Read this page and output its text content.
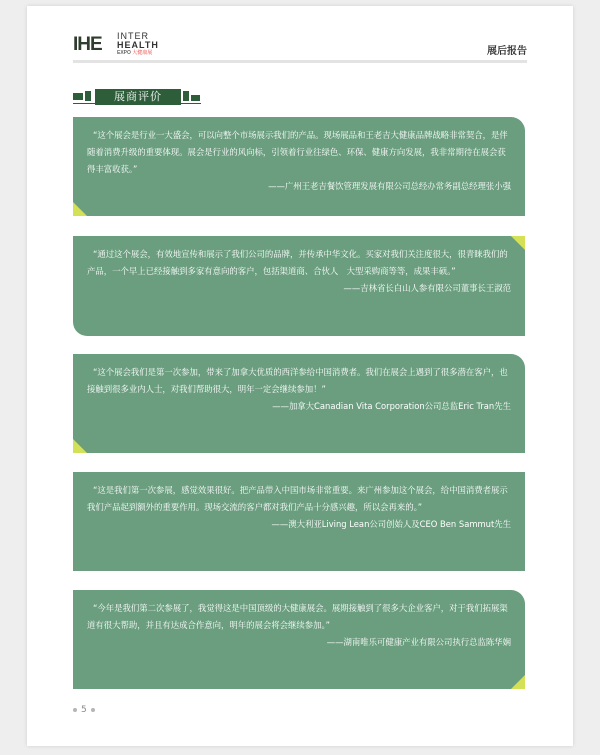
IHE INTER
HEALTH
EXPO 大健康展	展后报告
展商评价

“这个展会是行业一大盛会，可以向整个市场展示我们的产品。现场展品和王老吉大健康品牌战略非常契合，是伴随着消费升级的重要体现。展会是行业的风向标，引领着行业往绿色、环保、健康方向发展，我非常期待在展会获得丰富收获。”

——广州王老吉餐饮管理发展有限公司总经办常务副总经理张小强

“通过这个展会，有效地宣传和展示了我们公司的品牌，并传承中华文化。买家对我们关注度很大，很青睐我们的产品，一个早上已经接触到多家有意向的客户，包括渠道商、合伙人　大型采购商等等，成果丰硕。”

——吉林省长白山人参有限公司董事长王淑范

“这个展会我们是第一次参加，带来了加拿大优质的西洋参给中国消费者。我们在展会上遇到了很多潜在客户，也接触到很多业内人士，对我们帮助很大，明年一定会继续参加！”

——加拿大Canadian Vita Corporation公司总监Eric Tran先生

“这是我们第一次参展，感觉效果很好。把产品带入中国市场非常重要。来广州参加这个展会，给中国消费者展示我们产品起到额外的重要作用。现场交流的客户都对我们产品十分感兴趣，所以会再来的。”

——澳大利亚Living Lean公司创始人及CEO Ben Sammut先生

“今年是我们第二次参展了，我觉得这是中国顶级的大健康展会。展期接触到了很多大企业客户，对于我们拓展渠道有很大帮助，并且有达成合作意向，明年的展会将会继续参加。”

——湖南唯乐可健康产业有限公司执行总监陈华娴

5
